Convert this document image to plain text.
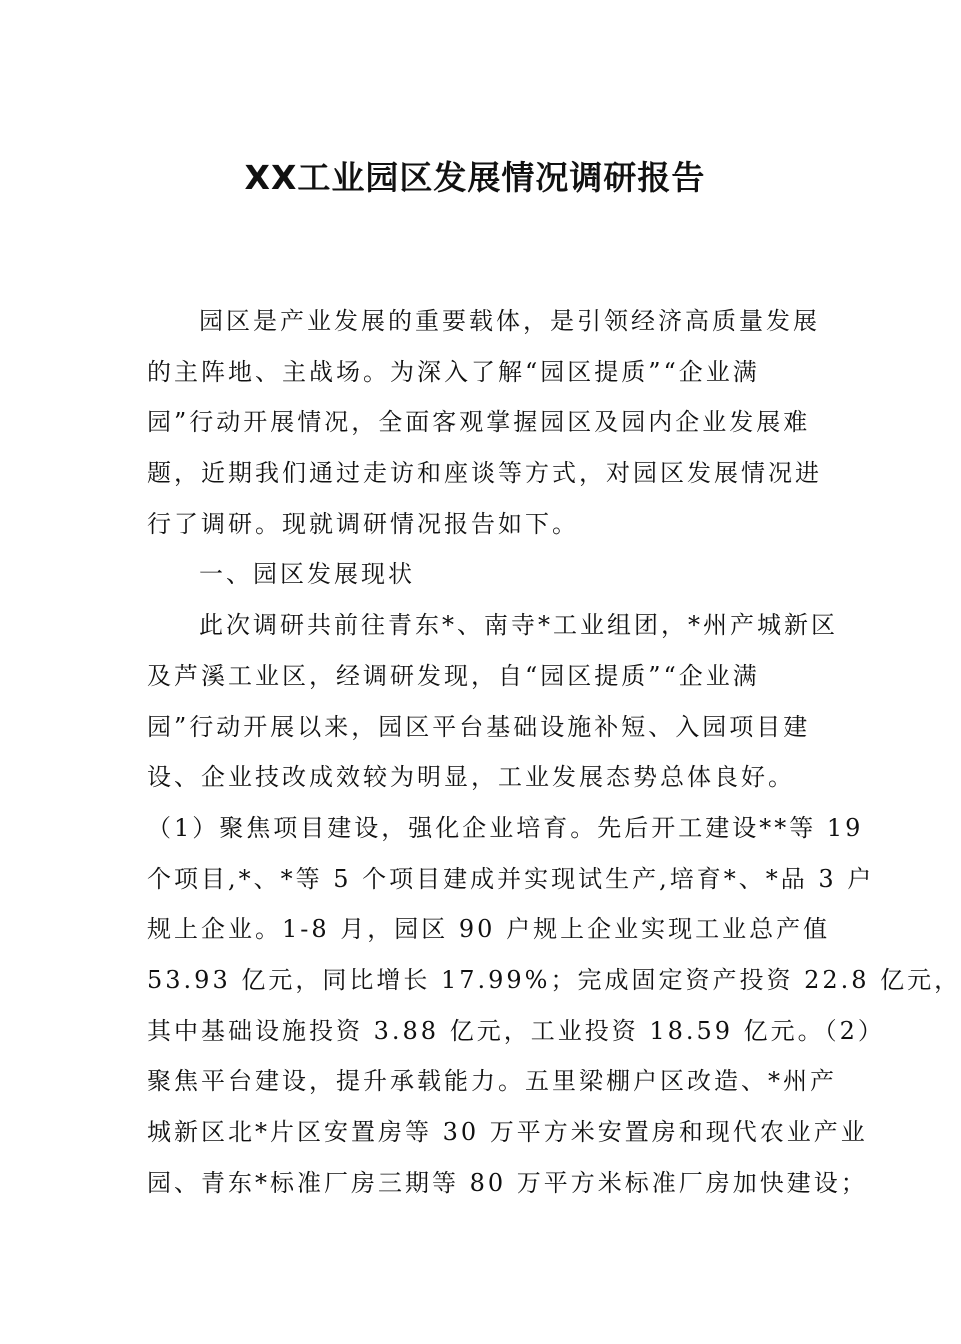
XX工业园区发展情况调研报告
园区是产业发展的重要载体，是引领经济高质量发展
的主阵地、主战场。为深入了解“园区提质”“企业满
园”行动开展情况，全面客观掌握园区及园内企业发展难
题，近期我们通过走访和座谈等方式，对园区发展情况进
行了调研。现就调研情况报告如下。
一、园区发展现状
此次调研共前往青东*、南寺*工业组团，*州产城新区
及芦溪工业区，经调研发现，自“园区提质”“企业满
园”行动开展以来，园区平台基础设施补短、入园项目建
设、企业技改成效较为明显，工业发展态势总体良好。
（1）聚焦项目建设，强化企业培育。先后开工建设**等 19
个项目,*、*等 5 个项目建成并实现试生产,培育*、*品 3 户
规上企业。1-8 月，园区 90 户规上企业实现工业总产值
53.93 亿元，同比增长 17.99%；完成固定资产投资 22.8 亿元，
其中基础设施投资 3.88 亿元，工业投资 18.59 亿元。（2）
聚焦平台建设，提升承载能力。五里梁棚户区改造、*州产
城新区北*片区安置房等 30 万平方米安置房和现代农业产业
园、青东*标准厂房三期等 80 万平方米标准厂房加快建设；
